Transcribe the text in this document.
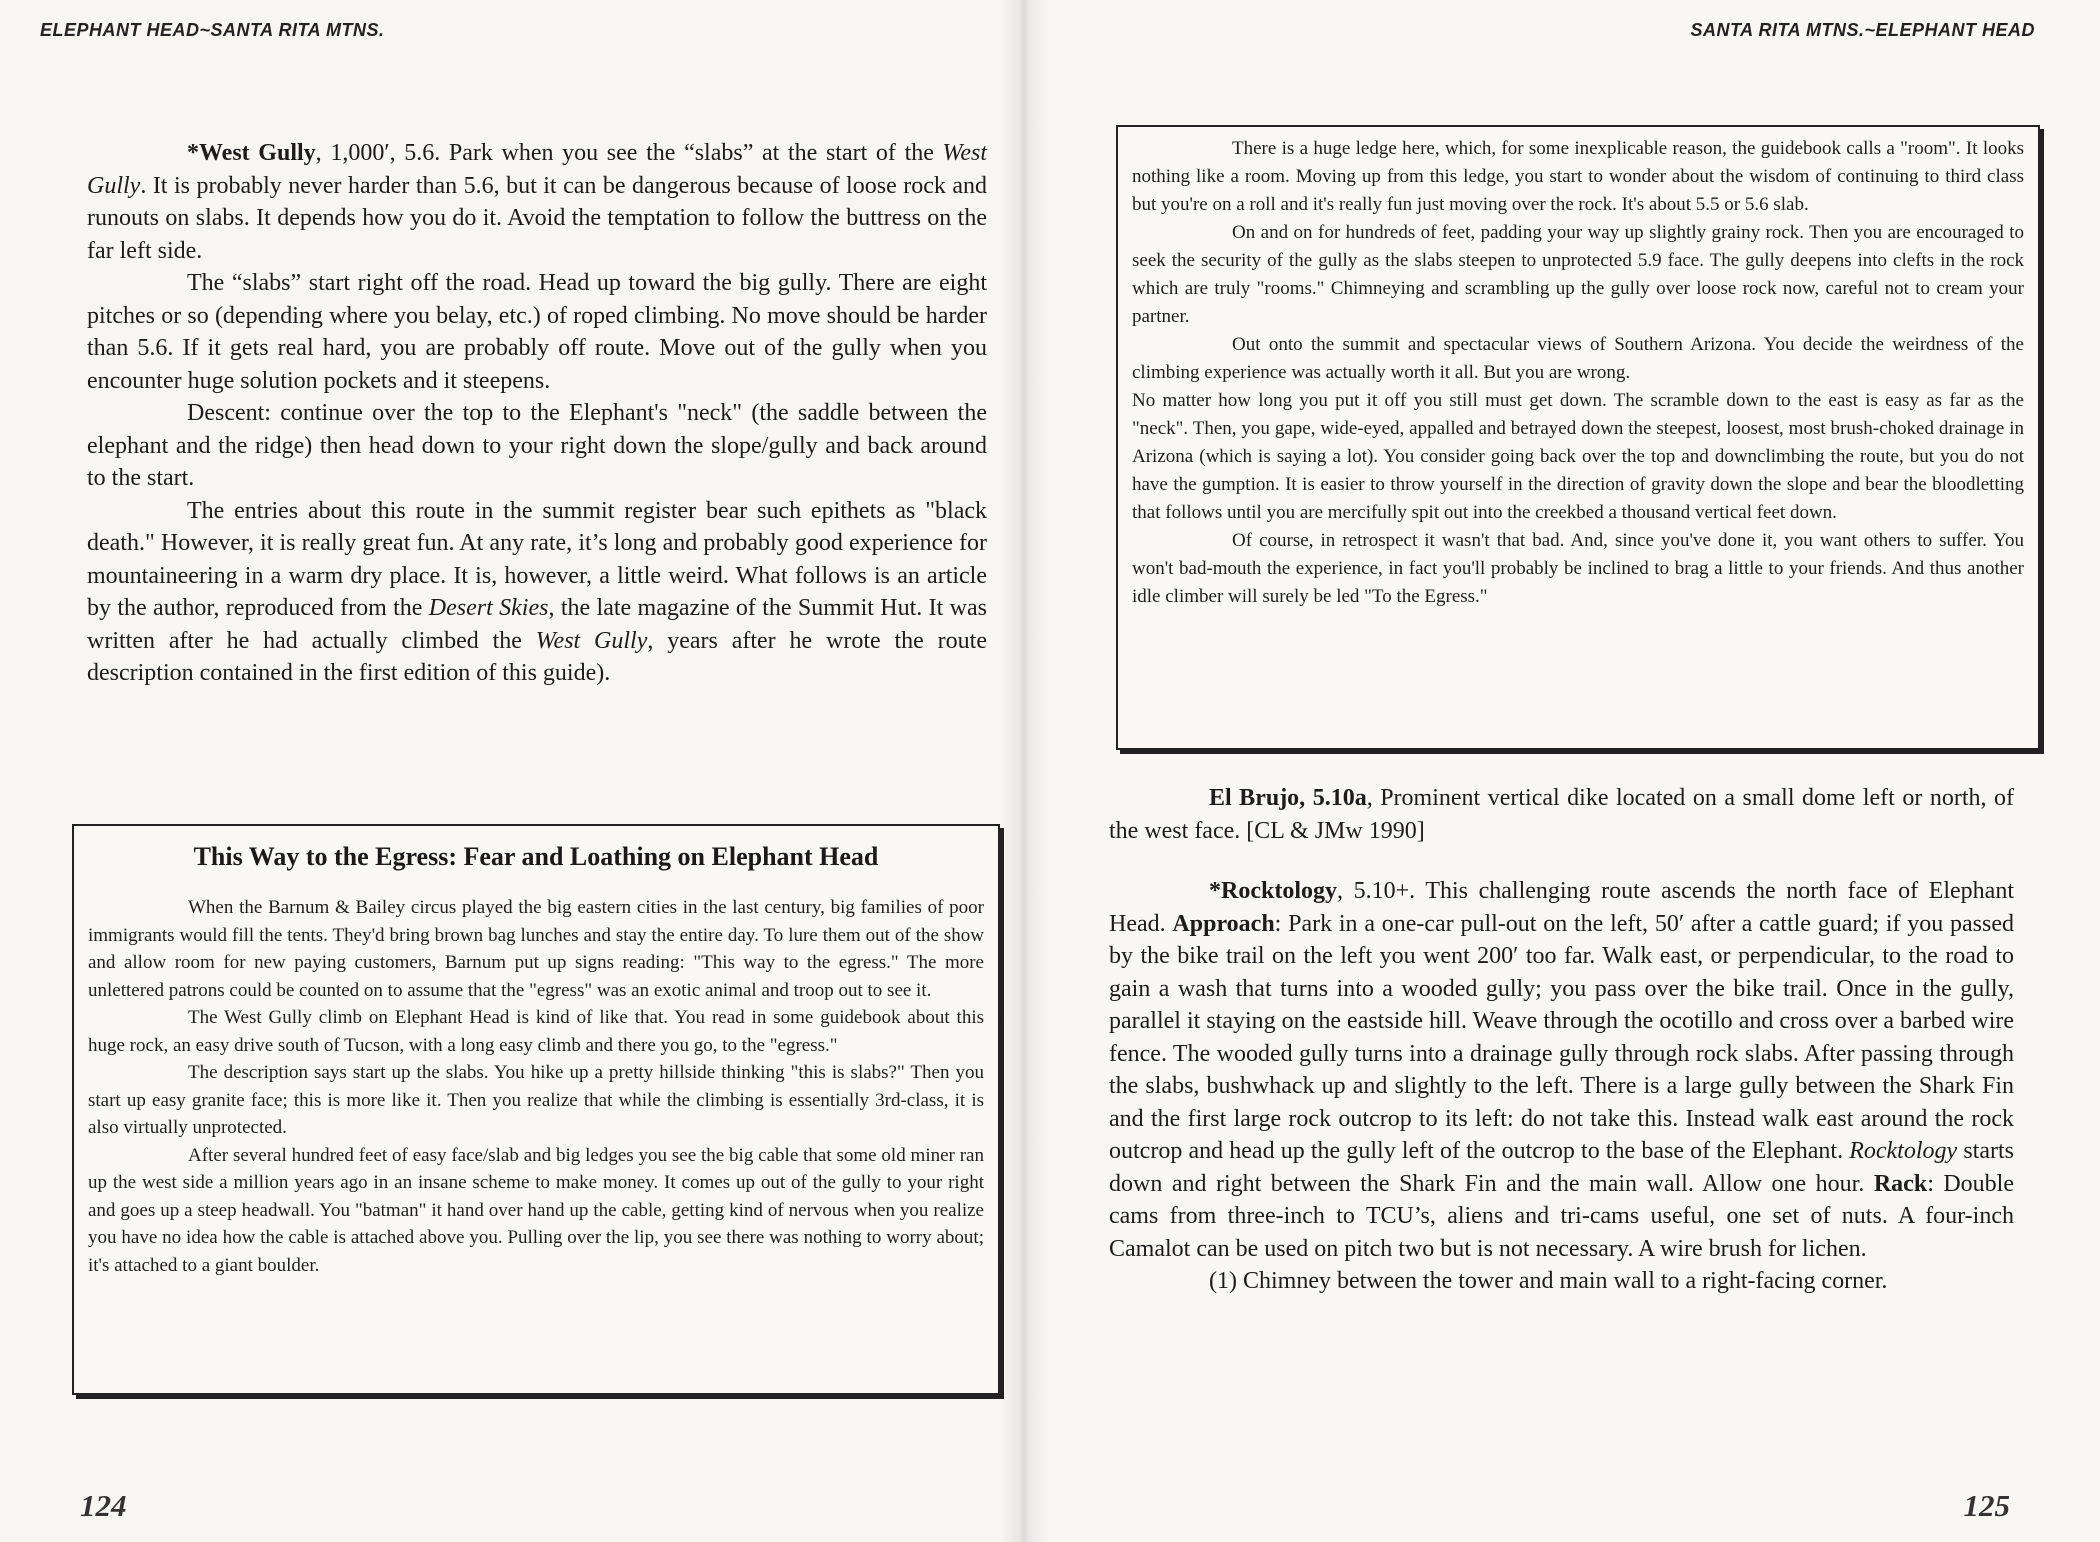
ELEPHANT HEAD~SANTA RITA MTNS.

*West Gully, 1,000′, 5.6. Park when you see the “slabs” at the start of the West Gully. It is probably never harder than 5.6, but it can be dangerous because of loose rock and runouts on slabs. It depends how you do it. Avoid the temptation to follow the buttress on the far left side.

The “slabs” start right off the road. Head up toward the big gully. There are eight pitches or so (depending where you belay, etc.) of roped climbing. No move should be harder than 5.6. If it gets real hard, you are probably off route. Move out of the gully when you encounter huge solution pockets and it steepens.

Descent: continue over the top to the Elephant's "neck" (the saddle between the elephant and the ridge) then head down to your right down the slope/gully and back around to the start.

The entries about this route in the summit register bear such epithets as "black death." However, it is really great fun. At any rate, it’s long and probably good experience for mountaineering in a warm dry place. It is, however, a little weird. What follows is an article by the author, reproduced from the Desert Skies, the late magazine of the Summit Hut. It was written after he had actually climbed the West Gully, years after he wrote the route description contained in the first edition of this guide).

This Way to the Egress: Fear and Loathing on Elephant Head

When the Barnum & Bailey circus played the big eastern cities in the last century, big families of poor immigrants would fill the tents. They'd bring brown bag lunches and stay the entire day. To lure them out of the show and allow room for new paying customers, Barnum put up signs reading: "This way to the egress." The more unlettered patrons could be counted on to assume that the "egress" was an exotic animal and troop out to see it.

The West Gully climb on Elephant Head is kind of like that. You read in some guidebook about this huge rock, an easy drive south of Tucson, with a long easy climb and there you go, to the "egress."

The description says start up the slabs. You hike up a pretty hillside thinking "this is slabs?" Then you start up easy granite face; this is more like it. Then you realize that while the climbing is essentially 3rd-class, it is also virtually unprotected.

After several hundred feet of easy face/slab and big ledges you see the big cable that some old miner ran up the west side a million years ago in an insane scheme to make money. It comes up out of the gully to your right and goes up a steep headwall. You "batman" it hand over hand up the cable, getting kind of nervous when you realize you have no idea how the cable is attached above you. Pulling over the lip, you see there was nothing to worry about; it's attached to a giant boulder.

124
SANTA RITA MTNS.~ELEPHANT HEAD

There is a huge ledge here, which, for some inexplicable reason, the guidebook calls a "room". It looks nothing like a room. Moving up from this ledge, you start to wonder about the wisdom of continuing to third class but you're on a roll and it's really fun just moving over the rock. It's about 5.5 or 5.6 slab.

On and on for hundreds of feet, padding your way up slightly grainy rock. Then you are encouraged to seek the security of the gully as the slabs steepen to unprotected 5.9 face. The gully deepens into clefts in the rock which are truly "rooms." Chimneying and scrambling up the gully over loose rock now, careful not to cream your partner.

Out onto the summit and spectacular views of Southern Arizona. You decide the weirdness of the climbing experience was actually worth it all. But you are wrong.

No matter how long you put it off you still must get down. The scramble down to the east is easy as far as the "neck". Then, you gape, wide-eyed, appalled and betrayed down the steepest, loosest, most brush-choked drainage in Arizona (which is saying a lot). You consider going back over the top and downclimbing the route, but you do not have the gumption. It is easier to throw yourself in the direction of gravity down the slope and bear the bloodletting that follows until you are mercifully spit out into the creekbed a thousand vertical feet down.

Of course, in retrospect it wasn't that bad. And, since you've done it, you want others to suffer. You won't bad-mouth the experience, in fact you'll probably be inclined to brag a little to your friends. And thus another idle climber will surely be led "To the Egress."

El Brujo, 5.10a, Prominent vertical dike located on a small dome left or north, of the west face. [CL & JMw 1990]

*Rocktology, 5.10+. This challenging route ascends the north face of Elephant Head. Approach: Park in a one-car pull-out on the left, 50′ after a cattle guard; if you passed by the bike trail on the left you went 200′ too far. Walk east, or perpendicular, to the road to gain a wash that turns into a wooded gully; you pass over the bike trail. Once in the gully, parallel it staying on the eastside hill. Weave through the ocotillo and cross over a barbed wire fence. The wooded gully turns into a drainage gully through rock slabs. After passing through the slabs, bushwhack up and slightly to the left. There is a large gully between the Shark Fin and the first large rock outcrop to its left: do not take this. Instead walk east around the rock outcrop and head up the gully left of the outcrop to the base of the Elephant. Rocktology starts down and right between the Shark Fin and the main wall. Allow one hour. Rack: Double cams from three-inch to TCU’s, aliens and tri-cams useful, one set of nuts. A four-inch Camalot can be used on pitch two but is not necessary. A wire brush for lichen.

(1) Chimney between the tower and main wall to a right-facing corner.

125
